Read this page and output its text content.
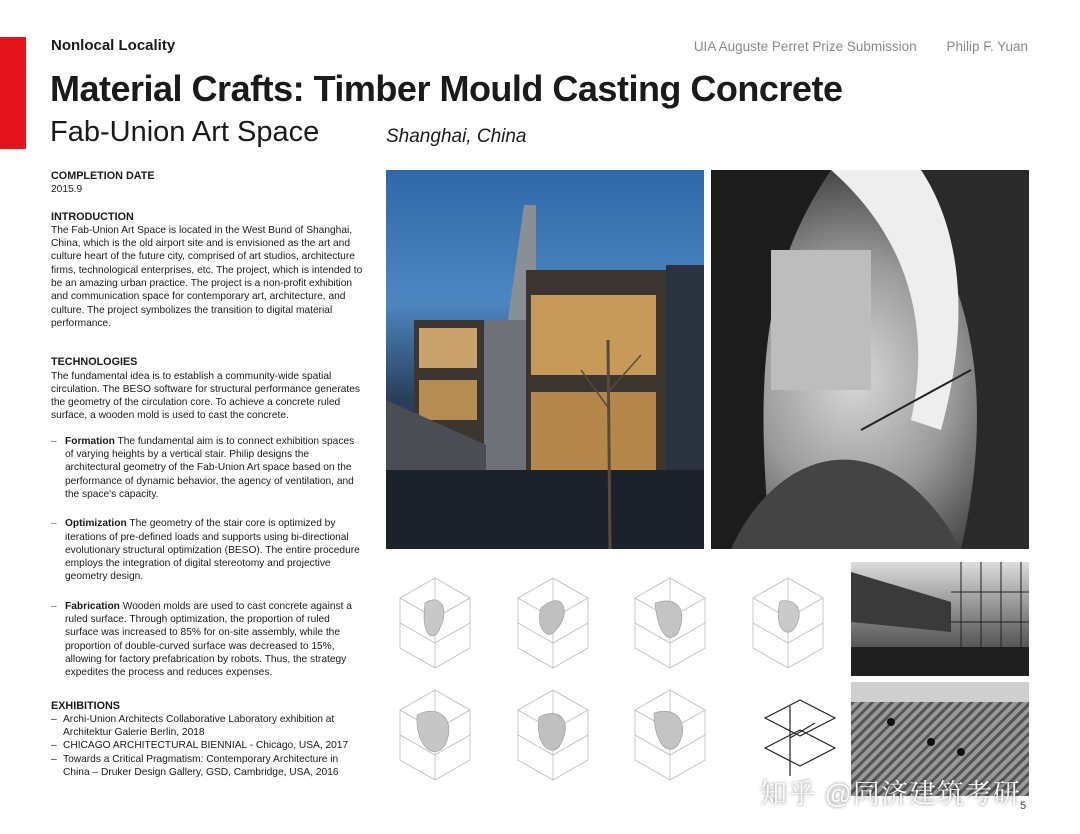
Nonlocal Locality	UIA Auguste Perret Prize Submission Philip F. Yuan
Material Crafts: Timber Mould Casting Concrete
Fab-Union Art Space	Shanghai, China
COMPLETION DATE

2015.9

INTRODUCTION

The Fab-Union Art Space is located in the West Bund of Shanghai, China, which is the old airport site and is envisioned as the art and culture heart of the future city, comprised of art studios, architecture firms, technological enterprises, etc. The project, which is intended to be an amazing urban practice. The project is a non-profit exhibition and communication space for contemporary art, architecture, and culture. The project symbolizes the transition to digital material performance.

TECHNOLOGIES

The fundamental idea is to establish a community-wide spatial circulation. The BESO software for structural performance generates the geometry of the circulation core. To achieve a concrete ruled surface, a wooden mold is used to cast the concrete.

– Formation The fundamental aim is to connect exhibition spaces of varying heights by a vertical stair. Philip designs the architectural geometry of the Fab-Union Art space based on the performance of dynamic behavior, the agency of ventilation, and the space's capacity.
– Optimization The geometry of the stair core is optimized by iterations of pre-defined loads and supports using bi-directional evolutionary structural optimization (BESO). The entire procedure employs the integration of digital stereotomy and projective geometry design.
– Fabrication Wooden molds are used to cast concrete against a ruled surface. Through optimization, the proportion of ruled surface was increased to 85% for on-site assembly, while the proportion of double-curved surface was decreased to 15%, allowing for factory prefabrication by robots. Thus, the strategy expedites the process and reduces expenses.
EXHIBITIONS
– Archi-Union Architects Collaborative Laboratory exhibition at Architektur Galerie Berlin, 2018
– CHICAGO ARCHITECTURAL BIENNIAL - Chicago, USA, 2017
– Towards a Critical Pragmatism: Contemporary Architecture in China – Druker Design Gallery, GSD, Cambridge, USA, 2016
5
知乎 @同济建筑考研
